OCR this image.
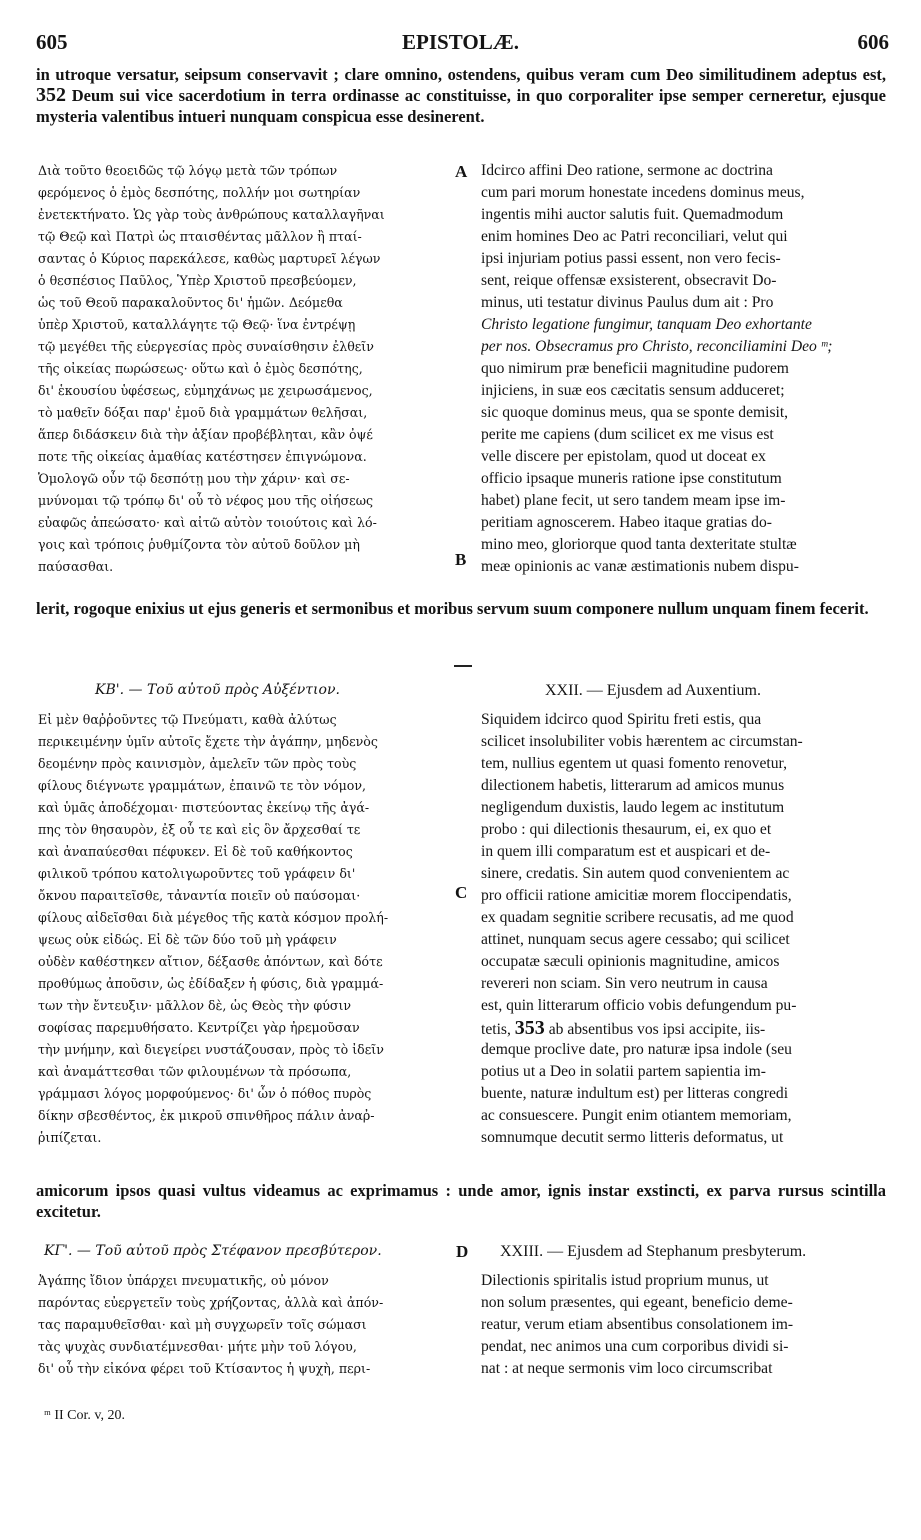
605	EPISTOLÆ.	606

in utroque versatur, seipsum conservavit ; clare omnino, ostendens, quibus veram cum Deo similitudinem adeptus est, 352 Deum sui vice sacerdotium in terra ordinasse ac constituisse, in quo corporaliter ipse semper cerneretur, ejusque mysteria valentibus intueri nunquam conspicua esse desinerent.

Διὰ τοῦτο θεοειδῶς τῷ λόγῳ μετὰ τῶν τρόπων
φερόμενος ὁ ἐμὸς δεσπότης, πολλήν μοι σωτηρίαν
ἐνετεκτήνατο. Ὡς γὰρ τοὺς ἀνθρώπους καταλλαγῆναι
τῷ Θεῷ καὶ Πατρὶ ὡς πταισθέντας μᾶλλον ἢ πταί-
σαντας ὁ Κύριος παρεκάλεσε, καθὼς μαρτυρεῖ λέγων
ὁ θεσπέσιος Παῦλος, Ὑπὲρ Χριστοῦ πρεσβεύομεν,
ὡς τοῦ Θεοῦ παρακαλοῦντος δι' ἡμῶν. Δεόμεθα
ὑπὲρ Χριστοῦ, καταλλάγητε τῷ Θεῷ· ἵνα ἐντρέψῃ
τῷ μεγέθει τῆς εὐεργεσίας πρὸς συναίσθησιν ἐλθεῖν
τῆς οἰκείας πωρώσεως· οὕτω καὶ ὁ ἐμὸς δεσπότης,
δι' ἑκουσίου ὑφέσεως, εὐμηχάνως με χειρωσάμενος,
τὸ μαθεῖν δόξαι παρ' ἐμοῦ διὰ γραμμάτων θελῆσαι,
ἅπερ διδάσκειν διὰ τὴν ἀξίαν προβέβληται, κἂν ὀψέ
ποτε τῆς οἰκείας ἀμαθίας κατέστησεν ἐπιγνώμονα.
Ὁμολογῶ οὖν τῷ δεσπότῃ μου τὴν χάριν· καὶ σε-
μνύνομαι τῷ τρόπῳ δι' οὗ τὸ νέφος μου τῆς οἰήσεως
εὐαφῶς ἀπεώσατο· καὶ αἰτῶ αὐτὸν τοιούτοις καὶ λό-
γοις καὶ τρόποις ῥυθμίζοντα τὸν αὐτοῦ δοῦλον μὴ
παύσασθαι.
A
B
Idcirco affini Deo ratione, sermone ac doctrina
cum pari morum honestate incedens dominus meus,
ingentis mihi auctor salutis fuit. Quemadmodum
enim homines Deo ac Patri reconciliari, velut qui
ipsi injuriam potius passi essent, non vero fecis-
sent, reique offensæ exsisterent, obsecravit Do-
minus, uti testatur divinus Paulus dum ait : Pro
Christo legatione fungimur, tanquam Deo exhortante
per nos. Obsecramus pro Christo, reconciliamini Deo ᵐ;
quo nimirum præ beneficii magnitudine pudorem
injiciens, in suæ eos cæcitatis sensum adduceret;
sic quoque dominus meus, qua se sponte demisit,
perite me capiens (dum scilicet ex me visus est
velle discere per epistolam, quod ut doceat ex
officio ipsaque muneris ratione ipse constitutum
habet) plane fecit, ut sero tandem meam ipse im-
peritiam agnoscerem. Habeo itaque gratias do-
mino meo, gloriorque quod tanta dexteritate stultæ
meæ opinionis ac vanæ æstimationis nubem dispu-

lerit, rogoque enixius ut ejus generis et sermonibus et moribus servum suum componere nullum unquam finem fecerit.

ΚΒ'. — Τοῦ αὐτοῦ πρὸς Αὐξέντιον.	XXII. — Ejusdem ad Auxentium.
Εἰ μὲν θαῤῥοῦντες τῷ Πνεύματι, καθὰ ἀλύτως
περικειμένην ὑμῖν αὐτοῖς ἔχετε τὴν ἀγάπην, μηδενὸς
δεομένην πρὸς καινισμὸν, ἀμελεῖν τῶν πρὸς τοὺς
φίλους διέγνωτε γραμμάτων, ἐπαινῶ τε τὸν νόμον,
καὶ ὑμᾶς ἀποδέχομαι· πιστεύοντας ἐκείνῳ τῆς ἀγά-
πης τὸν θησαυρὸν, ἐξ οὗ τε καὶ εἰς ὃν ἄρχεσθαί τε
καὶ ἀναπαύεσθαι πέφυκεν. Εἰ δὲ τοῦ καθήκοντος
φιλικοῦ τρόπου κατολιγωροῦντες τοῦ γράφειν δι'
ὄκνου παραιτεῖσθε, τἀναντία ποιεῖν οὐ παύσομαι·
φίλους αἰδεῖσθαι διὰ μέγεθος τῆς κατὰ κόσμον προλή-
ψεως οὐκ εἰδώς. Εἰ δὲ τῶν δύο τοῦ μὴ γράφειν
οὐδὲν καθέστηκεν αἴτιον, δέξασθε ἀπόντων, καὶ δότε
προθύμως ἀποῦσιν, ὡς ἐδίδαξεν ἡ φύσις, διὰ γραμμά-
των τὴν ἔντευξιν· μᾶλλον δὲ, ὡς Θεὸς τὴν φύσιν
σοφίσας παρεμυθήσατο. Κεντρίζει γὰρ ἠρεμοῦσαν
τὴν μνήμην, καὶ διεγείρει νυστάζουσαν, πρὸς τὸ ἰδεῖν
καὶ ἀναμάττεσθαι τῶν φιλουμένων τὰ πρόσωπα,
γράμμασι λόγος μορφούμενος· δι' ὧν ὁ πόθος πυρὸς
δίκην σβεσθέντος, ἐκ μικροῦ σπινθῆρος πάλιν ἀναῤ-
ῥιπίζεται.
C
Siquidem idcirco quod Spiritu freti estis, qua
scilicet insolubiliter vobis hærentem ac circumstan-
tem, nullius egentem ut quasi fomento renovetur,
dilectionem habetis, litterarum ad amicos munus
negligendum duxistis, laudo legem ac institutum
probo : qui dilectionis thesaurum, ei, ex quo et
in quem illi comparatum est et auspicari et de-
sinere, credatis. Sin autem quod convenientem ac
pro officii ratione amicitiæ morem floccipendatis,
ex quadam segnitie scribere recusatis, ad me quod
attinet, nunquam secus agere cessabo; qui scilicet
occupatæ sæculi opinionis magnitudine, amicos
revereri non sciam. Sin vero neutrum in causa
est, quin litterarum officio vobis defungendum pu-
tetis, 353 ab absentibus vos ipsi accipite, iis-
demque proclive date, pro naturæ ipsa indole (seu
potius ut a Deo in solatii partem sapientia im-
buente, naturæ indultum est) per litteras congredi
ac consuescere. Pungit enim otiantem memoriam,
somnumque decutit sermo litteris deformatus, ut

amicorum ipsos quasi vultus videamus ac exprimamus : unde amor, ignis instar exstincti, ex parva rursus scintilla excitetur.

ΚΓ'. — Τοῦ αὐτοῦ πρὸς Στέφανον πρεσβύτερον.	D XXIII. — Ejusdem ad Stephanum presbyterum.
Ἀγάπης ἴδιον ὑπάρχει πνευματικῆς, οὐ μόνον
παρόντας εὐεργετεῖν τοὺς χρήζοντας, ἀλλὰ καὶ ἀπόν-
τας παραμυθεῖσθαι· καὶ μὴ συγχωρεῖν τοῖς σώμασι
τὰς ψυχὰς συνδιατέμνεσθαι· μήτε μὴν τοῦ λόγου,
δι' οὗ τὴν εἰκόνα φέρει τοῦ Κτίσαντος ἡ ψυχὴ, περι-
Dilectionis spiritalis istud proprium munus, ut
non solum præsentes, qui egeant, beneficio deme-
reatur, verum etiam absentibus consolationem im-
pendat, nec animos una cum corporibus dividi si-
nat : at neque sermonis vim loco circumscribat
ᵐ II Cor. v, 20.
